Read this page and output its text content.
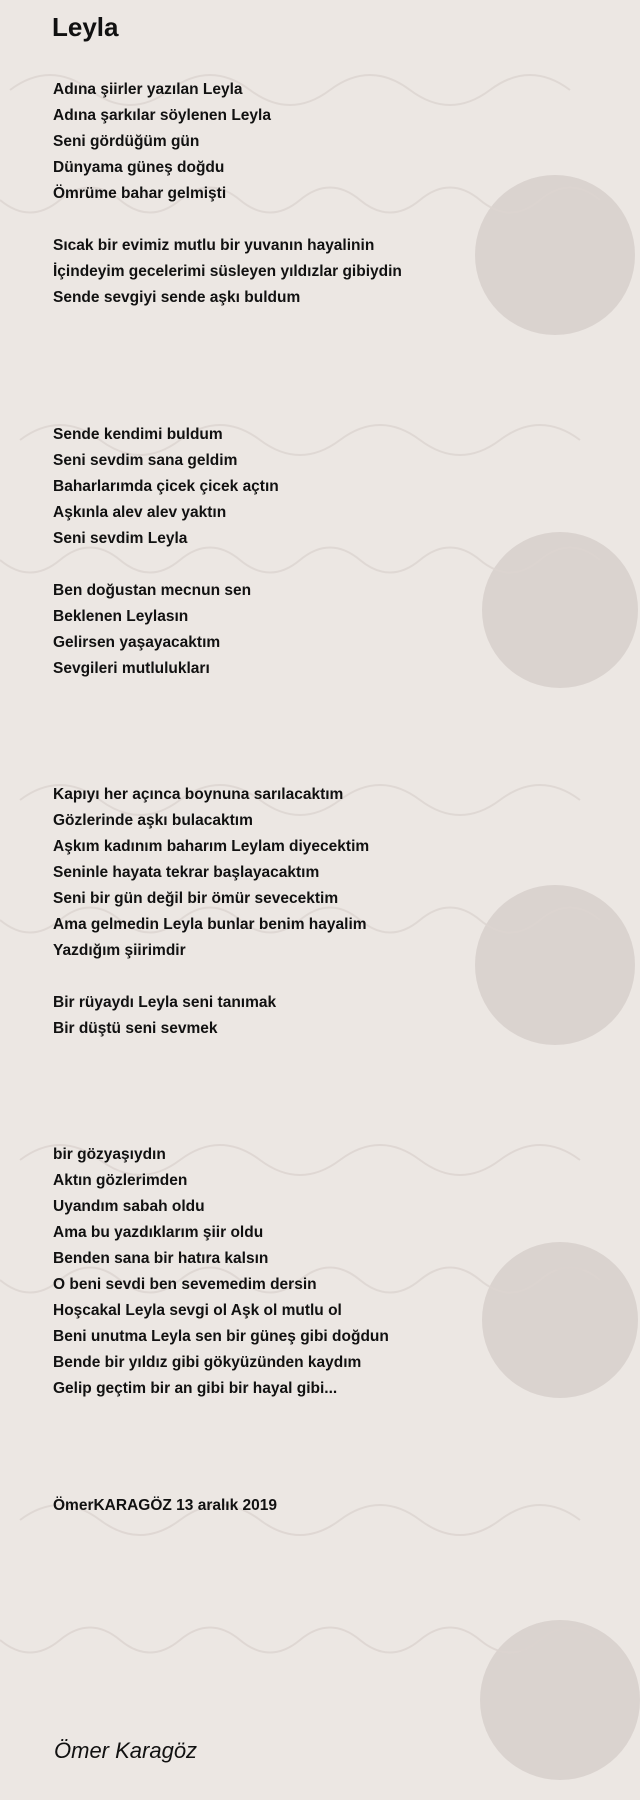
Leyla
Adına şiirler yazılan Leyla
Adına şarkılar söylenen Leyla
Seni gördüğüm gün
Dünyama güneş doğdu
Ömrüme bahar gelmişti
Sıcak bir evimiz mutlu bir yuvanın hayalinin
İçindeyim gecelerimi süsleyen yıldızlar gibiydin
Sende sevgiyi sende aşkı buldum
Sende kendimi buldum
Seni sevdim sana geldim
Baharlarımda çicek çicek açtın
Aşkınla alev alev yaktın
Seni sevdim Leyla
Ben doğustan mecnun sen
Beklenen Leylasın
Gelirsen yaşayacaktım
Sevgileri mutlulukları
Kapıyı her açınca boynuna sarılacaktım
Gözlerinde aşkı bulacaktım
Aşkım kadınım baharım Leylam diyecektim
Seninle hayata tekrar başlayacaktım
Seni bir gün değil bir ömür sevecektim
Ama gelmedin Leyla bunlar benim hayalim
Yazdığım şiirimdir
Bir rüyaydı Leyla seni tanımak
Bir düştü seni sevmek
bir gözyaşıydın
Aktın gözlerimden
Uyandım sabah oldu
Ama bu yazdıklarım şiir oldu
Benden sana bir hatıra kalsın
O beni sevdi ben sevemedim dersin
Hoşcakal Leyla sevgi ol Aşk ol mutlu ol
Beni unutma Leyla sen bir güneş gibi doğdun
Bende bir yıldız gibi gökyüzünden kaydım
Gelip geçtim bir an gibi bir hayal gibi...
ÖmerKARAGÖZ 13 aralık 2019
Ömer Karagöz
